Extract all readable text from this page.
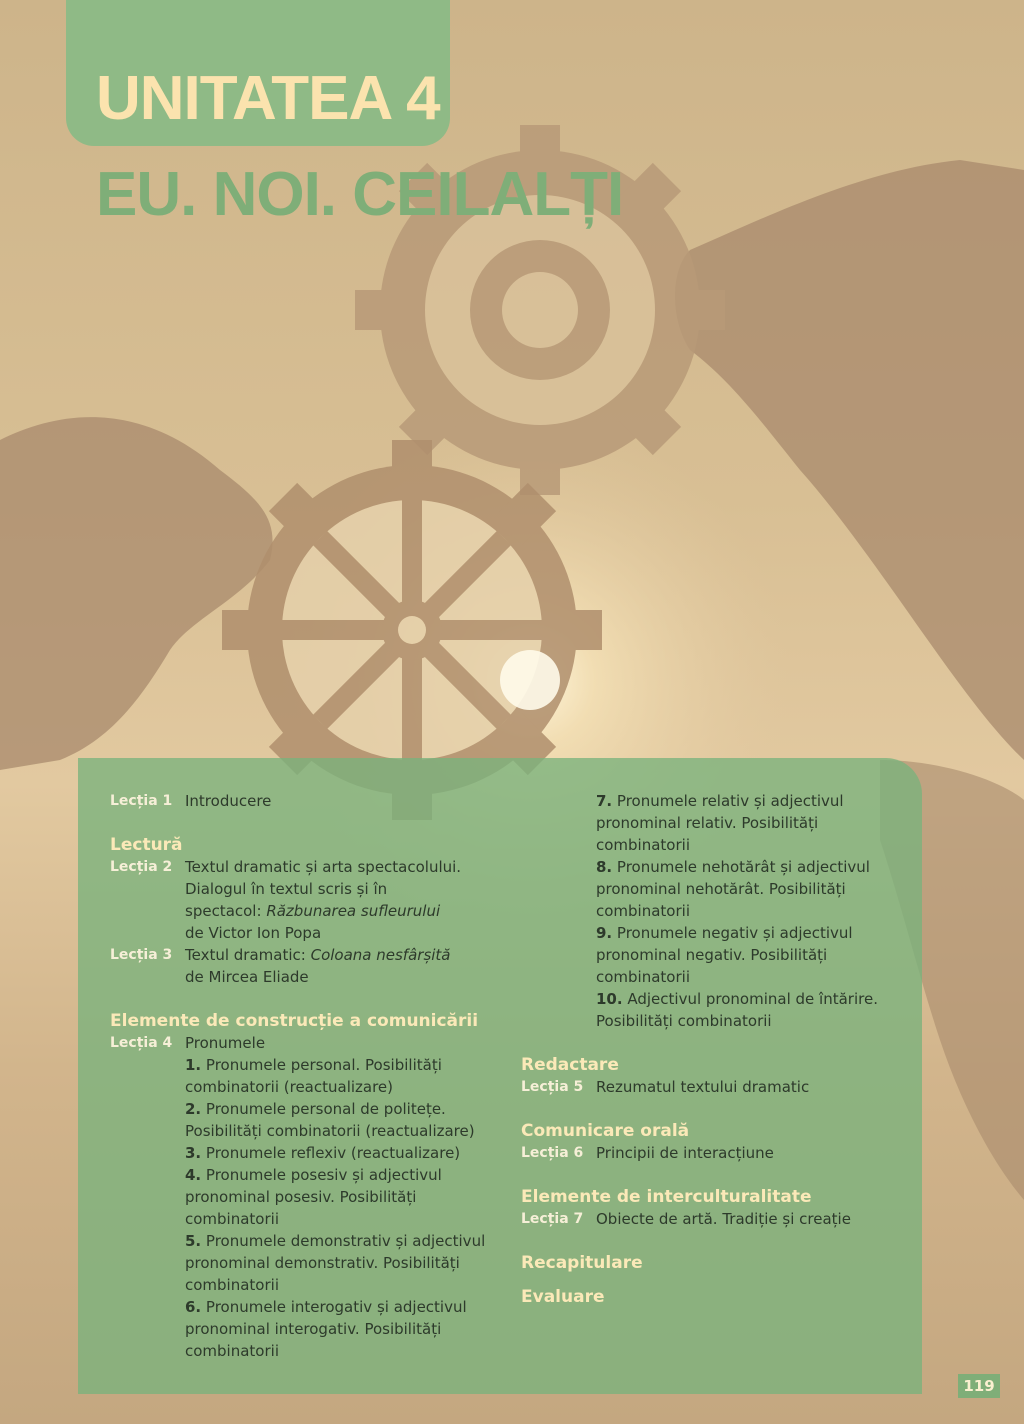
UNITATEA 4
EU. NOI. CEILALȚI
Lecția 1 Introducere
Lectură
Lecția 2 Textul dramatic și arta spectacolului.
Dialogul în textul scris și în
spectacol: Răzbunarea sufleurului
de Victor Ion Popa
Lecția 3 Textul dramatic: Coloana nesfârșită
de Mircea Eliade
Elemente de construcție a comunicării
Lecția 4 Pronumele
1. Pronumele personal. Posibilități
combinatorii (reactualizare)
2. Pronumele personal de politețe.
Posibilități combinatorii (reactualizare)
3. Pronumele reflexiv (reactualizare)
4. Pronumele posesiv și adjectivul
pronominal posesiv. Posibilități
combinatorii
5. Pronumele demonstrativ și adjectivul
pronominal demonstrativ. Posibilități
combinatorii
6. Pronumele interogativ și adjectivul
pronominal interogativ. Posibilități
combinatorii
7. Pronumele relativ și adjectivul
pronominal relativ. Posibilități
combinatorii
8. Pronumele nehotărât și adjectivul
pronominal nehotărât. Posibilități
combinatorii
9. Pronumele negativ și adjectivul
pronominal negativ. Posibilități
combinatorii
10. Adjectivul pronominal de întărire.
Posibilități combinatorii
Redactare
Lecția 5 Rezumatul textului dramatic
Comunicare orală
Lecția 6 Principii de interacțiune
Elemente de interculturalitate
Lecția 7 Obiecte de artă. Tradiție și creație
Recapitulare
Evaluare
119
